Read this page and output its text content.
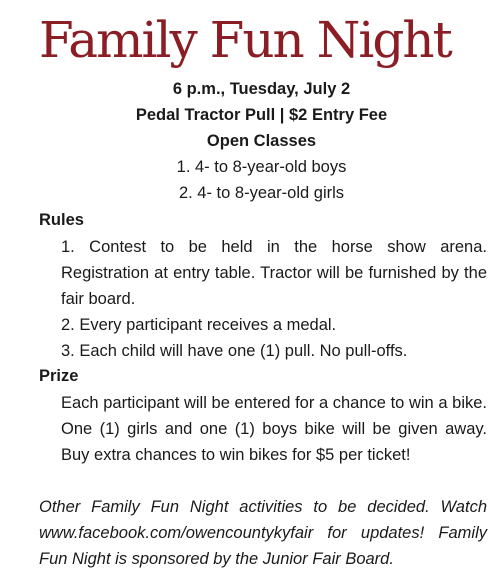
Family Fun Night
6 p.m., Tuesday, July 2
Pedal Tractor Pull | $2 Entry Fee
Open Classes
1. 4- to 8-year-old boys
2. 4- to 8-year-old girls
Rules
1. Contest to be held in the horse show arena. Registration at entry table. Tractor will be furnished by the fair board.
2. Every participant receives a medal.
3. Each child will have one (1) pull. No pull-offs.
Prize

Each participant will be entered for a chance to win a bike. One (1) girls and one (1) boys bike will be given away. Buy extra chances to win bikes for $5 per ticket!

Other Family Fun Night activities to be decided. Watch www.facebook.com/owencountykyfair for updates! Family Fun Night is sponsored by the Junior Fair Board.
